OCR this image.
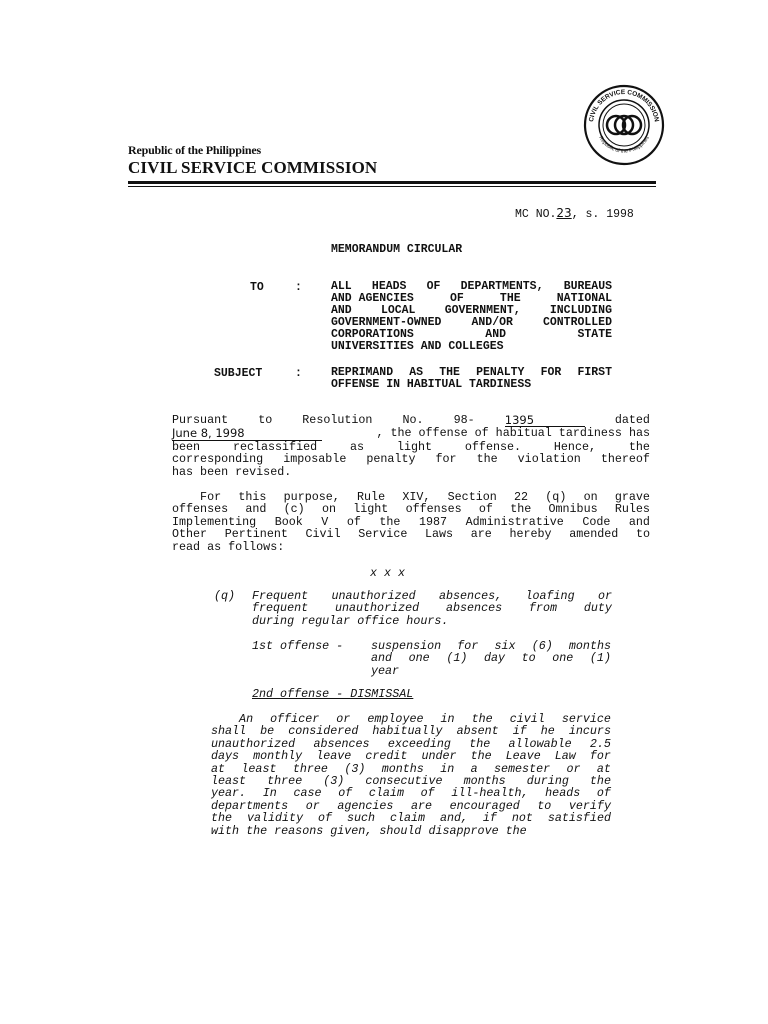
CIVIL SERVICE COMMISSION
Republic of the Philippines
Republic of the Philippines
CIVIL SERVICE COMMISSION
MC NO.23, s. 1998
MEMORANDUM CIRCULAR
TO	:	ALL HEADS OF DEPARTMENTS, BUREAUS
AND AGENCIES	OF	THE	NATIONAL
AND	LOCAL	GOVERNMENT,	INCLUDING
GOVERNMENT-OWNED	AND/OR	CONTROLLED
CORPORATIONS	AND	STATE
UNIVERSITIES AND COLLEGES
SUBJECT	:	REPRIMAND AS THE PENALTY FOR FIRST
OFFENSE IN HABITUAL TARDINESS
Pursuant	to	Resolution	No.	98-	1395	dated
June 8, 1998	, the offense of habitual tardiness has
been	reclassified	as	light	offense.	Hence,	the
corresponding imposable penalty for the violation thereof
has been revised.
For this purpose, Rule XIV, Section 22 (q) on grave
offenses and (c) on light offenses of the Omnibus Rules
Implementing Book V of the 1987 Administrative Code and
Other Pertinent Civil Service Laws are hereby amended to
read as follows:
x x x
(q) Frequent unauthorized absences, loafing or
frequent unauthorized absences from duty
during regular office hours.
1st offense - suspension for six (6) months
and one (1) day to one (1)
year
2nd offense - DISMISSAL
An officer or employee in the civil service
shall be considered habitually absent if he incurs
unauthorized absences exceeding the allowable 2.5
days monthly leave credit under the Leave Law for
at least three (3) months in a semester or at
least three (3) consecutive months during the
year. In case of claim of ill-health, heads of
departments or agencies are encouraged to verify
the validity of such claim and, if not satisfied
with the reasons given, should disapprove the
